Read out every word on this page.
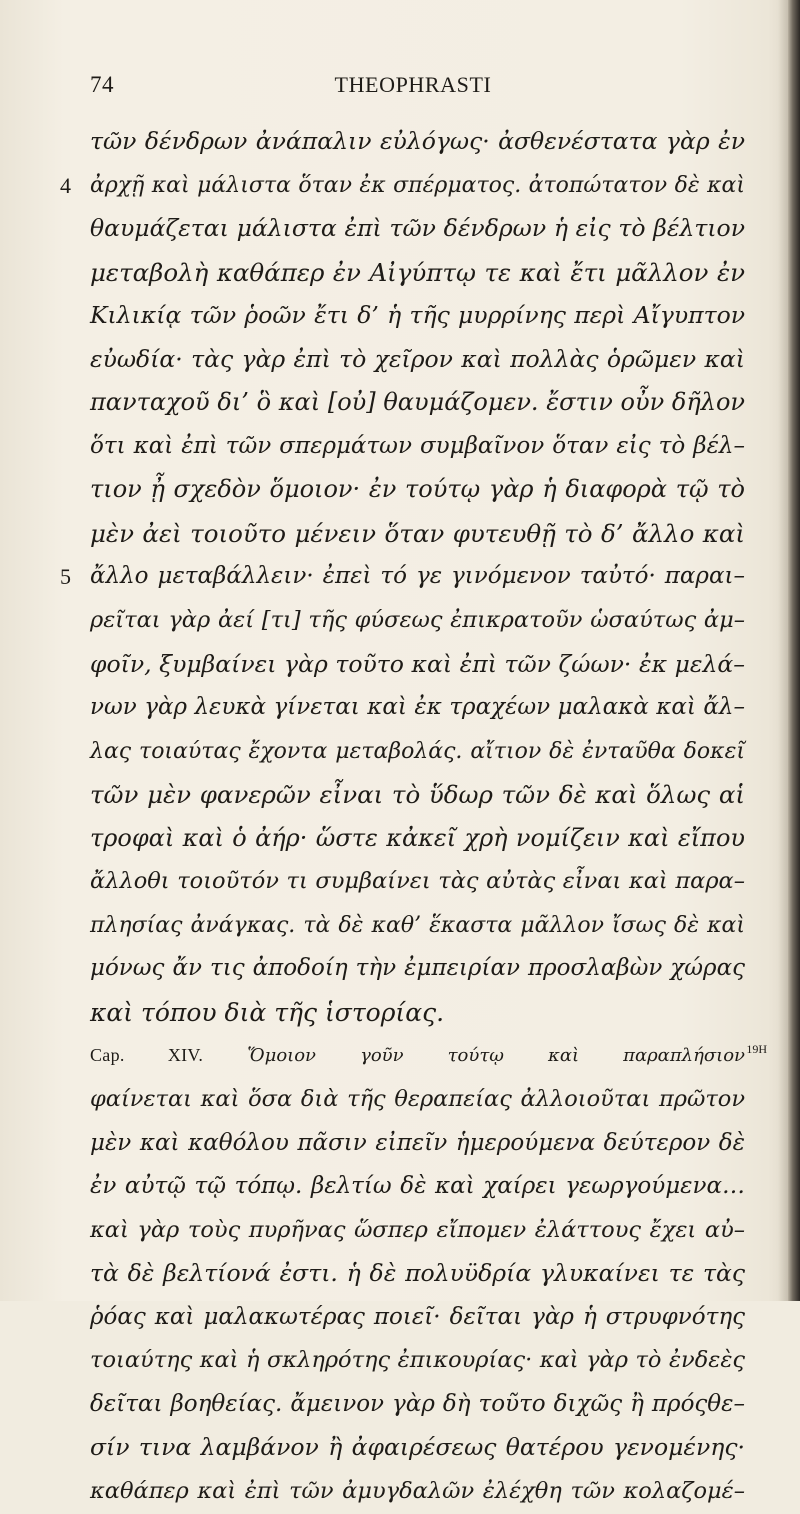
74	THEOPHRASTI
τῶν δένδρων ἀνάπαλιν εὐλόγως· ἀσθενέστατα γὰρ ἐν
4 ἀρχῇ καὶ μάλιστα ὅταν ἐκ σπέρματος. ἀτοπώτατον δὲ καὶ
θαυμάζεται μάλιστα ἐπὶ τῶν δένδρων ἡ εἰς τὸ βέλτιον
μεταβολὴ καθάπερ ἐν Αἰγύπτῳ τε καὶ ἔτι μᾶλλον ἐν
Κιλικίᾳ τῶν ῥοῶν ἔτι δ’ ἡ τῆς μυρρίνης περὶ Αἴγυπτον
εὐωδία· τὰς γὰρ ἐπὶ τὸ χεῖρον καὶ πολλὰς ὁρῶμεν καὶ
πανταχοῦ δι’ ὃ καὶ [οὐ] θαυμάζομεν. ἔστιν οὖν δῆλον
ὅτι καὶ ἐπὶ τῶν σπερμάτων συμβαῖνον ὅταν εἰς τὸ βέλ–
τιον ᾖ σχεδὸν ὅμοιον· ἐν τούτῳ γὰρ ἡ διαφορὰ τῷ τὸ
μὲν ἀεὶ τοιοῦτο μένειν ὅταν φυτευθῇ τὸ δ’ ἄλλο καὶ
5 ἄλλο μεταβάλλειν· ἐπεὶ τό γε γινόμενον ταὐτό· παραι–
ρεῖται γὰρ ἀεί [τι] τῆς φύσεως ἐπικρατοῦν ὡσαύτως ἀμ–
φοῖν, ξυμβαίνει γὰρ τοῦτο καὶ ἐπὶ τῶν ζώων· ἐκ μελά–
νων γὰρ λευκὰ γίνεται καὶ ἐκ τραχέων μαλακὰ καὶ ἄλ–
λας τοιαύτας ἔχοντα μεταβολάς. αἴτιον δὲ ἐνταῦθα δοκεῖ
τῶν μὲν φανερῶν εἶναι τὸ ὕδωρ τῶν δὲ καὶ ὅλως αἱ
τροφαὶ καὶ ὁ ἀήρ· ὥστε κἀκεῖ χρὴ νομίζειν καὶ εἴπου
ἄλλοθι τοιοῦτόν τι συμβαίνει τὰς αὐτὰς εἶναι καὶ παρα–
πλησίας ἀνάγκας. τὰ δὲ καθ’ ἕκαστα μᾶλλον ἴσως δὲ καὶ
μόνως ἄν τις ἀποδοίη τὴν ἐμπειρίαν προσλαβὼν χώρας
καὶ τόπου διὰ τῆς ἱστορίας.
Cap. XIV. Ὅμοιον γοῦν τούτῳ καὶ παραπλήσιον 19H
φαίνεται καὶ ὅσα διὰ τῆς θεραπείας ἀλλοιοῦται πρῶτον
μὲν καὶ καθόλου πᾶσιν εἰπεῖν ἡμερούμενα δεύτερον δὲ
ἐν αὐτῷ τῷ τόπῳ. βελτίω δὲ καὶ χαίρει γεωργούμενα…
καὶ γὰρ τοὺς πυρῆνας ὥσπερ εἴπομεν ἐλάττους ἔχει αὐ–
τὰ δὲ βελτίονά ἐστι. ἡ δὲ πολυϋδρία γλυκαίνει τε τὰς
ῥόας καὶ μαλακωτέρας ποιεῖ· δεῖται γὰρ ἡ στρυφνότης
τοιαύτης καὶ ἡ σκληρότης ἐπικουρίας· καὶ γὰρ τὸ ἐνδεὲς
δεῖται βοηθείας. ἄμεινον γὰρ δὴ τοῦτο διχῶς ἢ πρόςθε–
σίν τινα λαμβάνον ἢ ἀφαιρέσεως θατέρου γενομένης·
καθάπερ καὶ ἐπὶ τῶν ἀμυγδαλῶν ἐλέχθη τῶν κολαζομέ–
